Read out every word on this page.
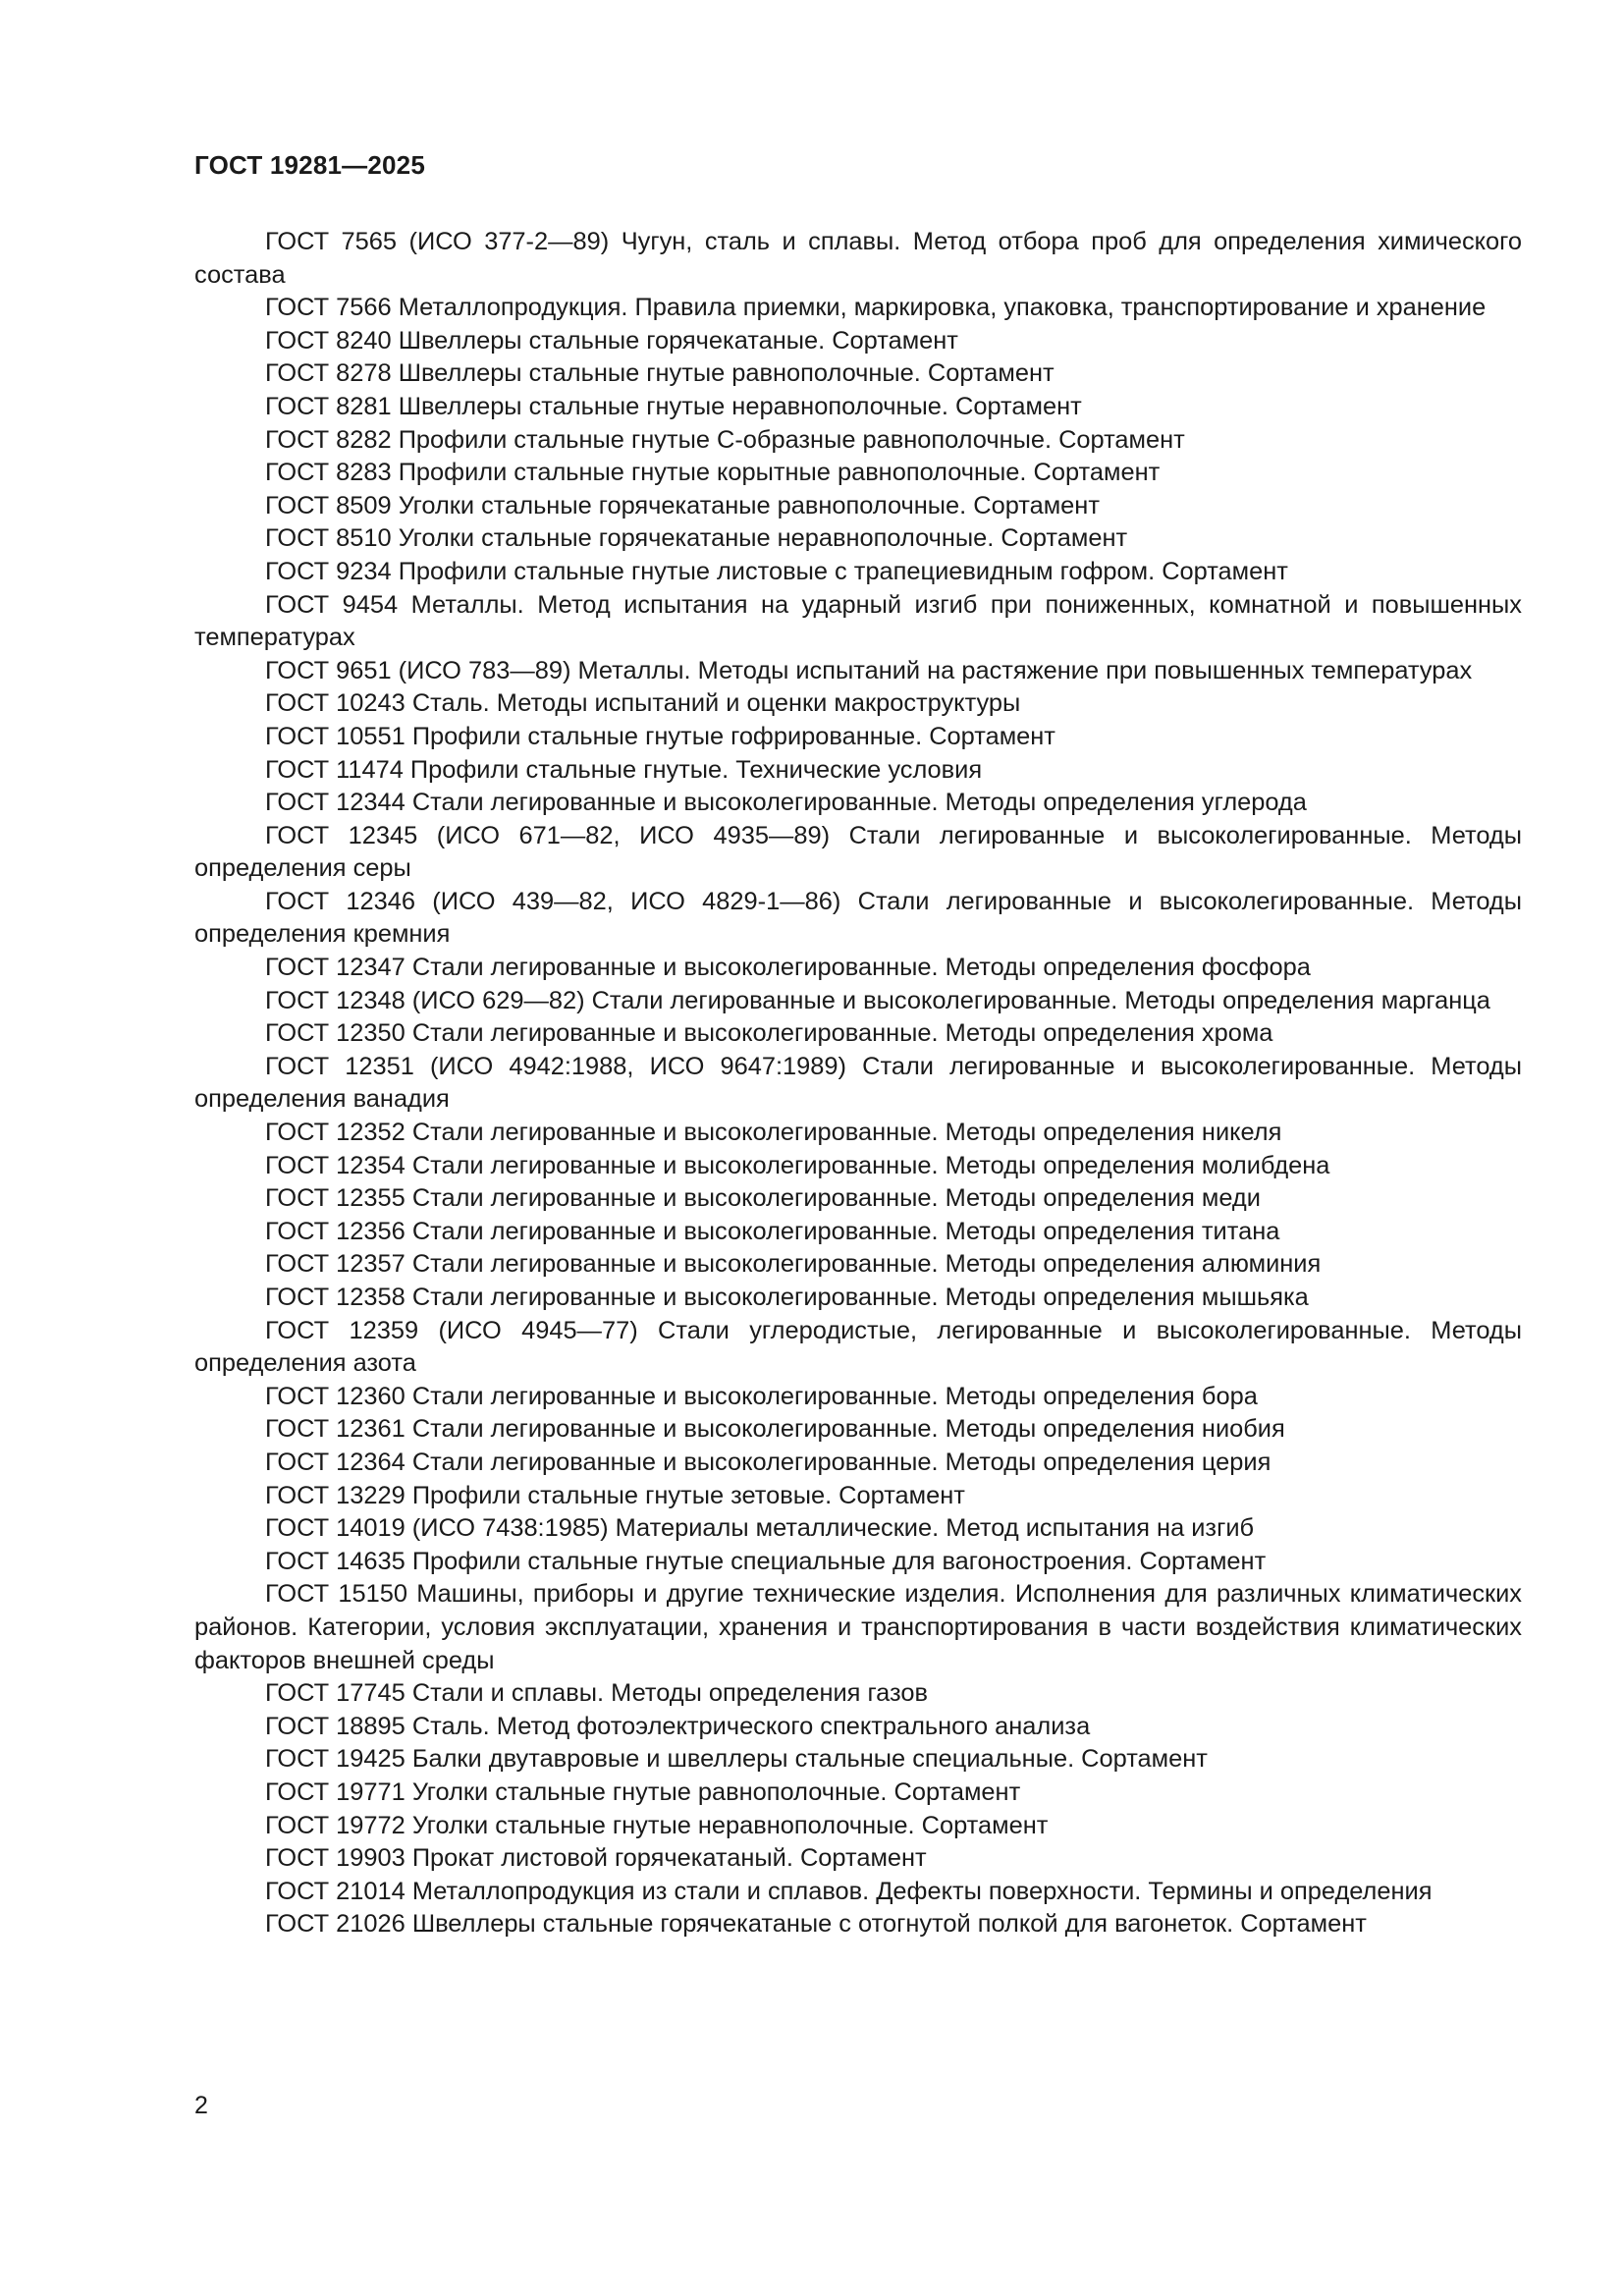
ГОСТ 19281—2025
ГОСТ 7565 (ИСО 377-2—89) Чугун, сталь и сплавы. Метод отбора проб для определения химического состава
ГОСТ 7566 Металлопродукция. Правила приемки, маркировка, упаковка, транспортирование и хранение
ГОСТ 8240 Швеллеры стальные горячекатаные. Сортамент
ГОСТ 8278 Швеллеры стальные гнутые равнополочные. Сортамент
ГОСТ 8281 Швеллеры стальные гнутые неравнополочные. Сортамент
ГОСТ 8282 Профили стальные гнутые С-образные равнополочные. Сортамент
ГОСТ 8283 Профили стальные гнутые корытные равнополочные. Сортамент
ГОСТ 8509 Уголки стальные горячекатаные равнополочные. Сортамент
ГОСТ 8510 Уголки стальные горячекатаные неравнополочные. Сортамент
ГОСТ 9234 Профили стальные гнутые листовые с трапециевидным гофром. Сортамент
ГОСТ 9454 Металлы. Метод испытания на ударный изгиб при пониженных, комнатной и повышенных температурах
ГОСТ 9651 (ИСО 783—89) Металлы. Методы испытаний на растяжение при повышенных температурах
ГОСТ 10243 Сталь. Методы испытаний и оценки макроструктуры
ГОСТ 10551 Профили стальные гнутые гофрированные. Сортамент
ГОСТ 11474 Профили стальные гнутые. Технические условия
ГОСТ 12344 Стали легированные и высоколегированные. Методы определения углерода
ГОСТ 12345 (ИСО 671—82, ИСО 4935—89) Стали легированные и высоколегированные. Методы определения серы
ГОСТ 12346 (ИСО 439—82, ИСО 4829-1—86) Стали легированные и высоколегированные. Методы определения кремния
ГОСТ 12347 Стали легированные и высоколегированные. Методы определения фосфора
ГОСТ 12348 (ИСО 629—82) Стали легированные и высоколегированные. Методы определения марганца
ГОСТ 12350 Стали легированные и высоколегированные. Методы определения хрома
ГОСТ 12351 (ИСО 4942:1988, ИСО 9647:1989) Стали легированные и высоколегированные. Методы определения ванадия
ГОСТ 12352 Стали легированные и высоколегированные. Методы определения никеля
ГОСТ 12354 Стали легированные и высоколегированные. Методы определения молибдена
ГОСТ 12355 Стали легированные и высоколегированные. Методы определения меди
ГОСТ 12356 Стали легированные и высоколегированные. Методы определения титана
ГОСТ 12357 Стали легированные и высоколегированные. Методы определения алюминия
ГОСТ 12358 Стали легированные и высоколегированные. Методы определения мышьяка
ГОСТ 12359 (ИСО 4945—77) Стали углеродистые, легированные и высоколегированные. Методы определения азота
ГОСТ 12360 Стали легированные и высоколегированные. Методы определения бора
ГОСТ 12361 Стали легированные и высоколегированные. Методы определения ниобия
ГОСТ 12364 Стали легированные и высоколегированные. Методы определения церия
ГОСТ 13229 Профили стальные гнутые зетовые. Сортамент
ГОСТ 14019 (ИСО 7438:1985) Материалы металлические. Метод испытания на изгиб
ГОСТ 14635 Профили стальные гнутые специальные для вагоностроения. Сортамент
ГОСТ 15150 Машины, приборы и другие технические изделия. Исполнения для различных климатических районов. Категории, условия эксплуатации, хранения и транспортирования в части воздействия климатических факторов внешней среды
ГОСТ 17745 Стали и сплавы. Методы определения газов
ГОСТ 18895 Сталь. Метод фотоэлектрического спектрального анализа
ГОСТ 19425 Балки двутавровые и швеллеры стальные специальные. Сортамент
ГОСТ 19771 Уголки стальные гнутые равнополочные. Сортамент
ГОСТ 19772 Уголки стальные гнутые неравнополочные. Сортамент
ГОСТ 19903 Прокат листовой горячекатаный. Сортамент
ГОСТ 21014 Металлопродукция из стали и сплавов. Дефекты поверхности. Термины и определения
ГОСТ 21026 Швеллеры стальные горячекатаные с отогнутой полкой для вагонеток. Сортамент
2
